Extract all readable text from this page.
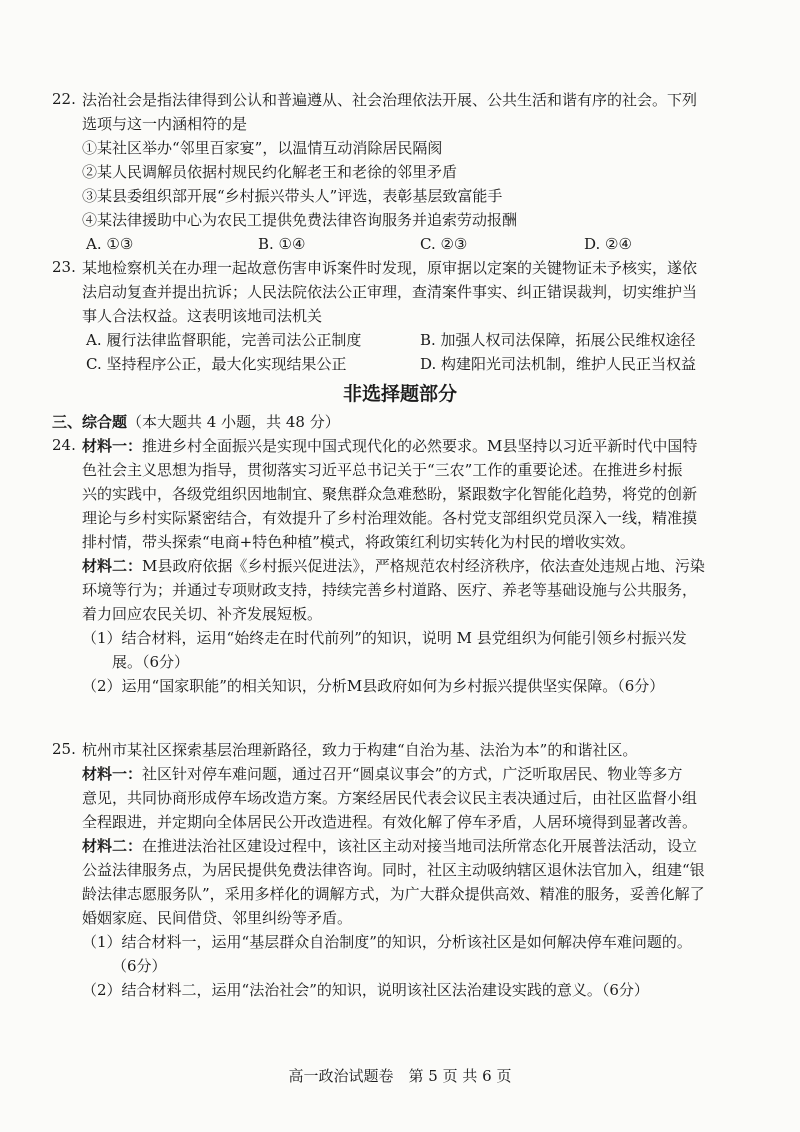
22. 法治社会是指法律得到公认和普遍遵从、社会治理依法开展、公共生活和谐有序的社会。下列
选项与这一内涵相符的是
①某社区举办“邻里百家宴”，以温情互动消除居民隔阂
②某人民调解员依据村规民约化解老王和老徐的邻里矛盾
③某县委组织部开展“乡村振兴带头人”评选，表彰基层致富能手
④某法律援助中心为农民工提供免费法律咨询服务并追索劳动报酬
A. ①③	B. ①④	C. ②③	D. ②④
23. 某地检察机关在办理一起故意伤害申诉案件时发现，原审据以定案的关键物证未予核实，遂依
法启动复查并提出抗诉；人民法院依法公正审理，查清案件事实、纠正错误裁判，切实维护当
事人合法权益。这表明该地司法机关
A. 履行法律监督职能，完善司法公正制度	B. 加强人权司法保障，拓展公民维权途径
C. 坚持程序公正，最大化实现结果公正	D. 构建阳光司法机制，维护人民正当权益
非选择题部分
三、综合题（本大题共 4 小题，共 48 分）
24. 材料一：推进乡村全面振兴是实现中国式现代化的必然要求。M县坚持以习近平新时代中国特
色社会主义思想为指导，贯彻落实习近平总书记关于“三农”工作的重要论述。在推进乡村振
兴的实践中，各级党组织因地制宜、聚焦群众急难愁盼，紧跟数字化智能化趋势，将党的创新
理论与乡村实际紧密结合，有效提升了乡村治理效能。各村党支部组织党员深入一线，精准摸
排村情，带头探索“电商+特色种植”模式，将政策红利切实转化为村民的增收实效。
材料二：M县政府依据《乡村振兴促进法》，严格规范农村经济秩序，依法查处违规占地、污染
环境等行为；并通过专项财政支持，持续完善乡村道路、医疗、养老等基础设施与公共服务，
着力回应农民关切、补齐发展短板。
（1）结合材料，运用“始终走在时代前列”的知识，说明 M 县党组织为何能引领乡村振兴发
展。（6分）
（2）运用“国家职能”的相关知识，分析M县政府如何为乡村振兴提供坚实保障。（6分）
25. 杭州市某社区探索基层治理新路径，致力于构建“自治为基、法治为本”的和谐社区。
材料一：社区针对停车难问题，通过召开“圆桌议事会”的方式，广泛听取居民、物业等多方
意见，共同协商形成停车场改造方案。方案经居民代表会议民主表决通过后，由社区监督小组
全程跟进，并定期向全体居民公开改造进程。有效化解了停车矛盾，人居环境得到显著改善。
材料二：在推进法治社区建设过程中，该社区主动对接当地司法所常态化开展普法活动，设立
公益法律服务点，为居民提供免费法律咨询。同时，社区主动吸纳辖区退休法官加入，组建“银
龄法律志愿服务队”，采用多样化的调解方式，为广大群众提供高效、精准的服务，妥善化解了
婚姻家庭、民间借贷、邻里纠纷等矛盾。
（1）结合材料一，运用“基层群众自治制度”的知识，分析该社区是如何解决停车难问题的。
（6分）
（2）结合材料二，运用“法治社会”的知识，说明该社区法治建设实践的意义。（6分）
高一政治试题卷　第 5 页 共 6 页
